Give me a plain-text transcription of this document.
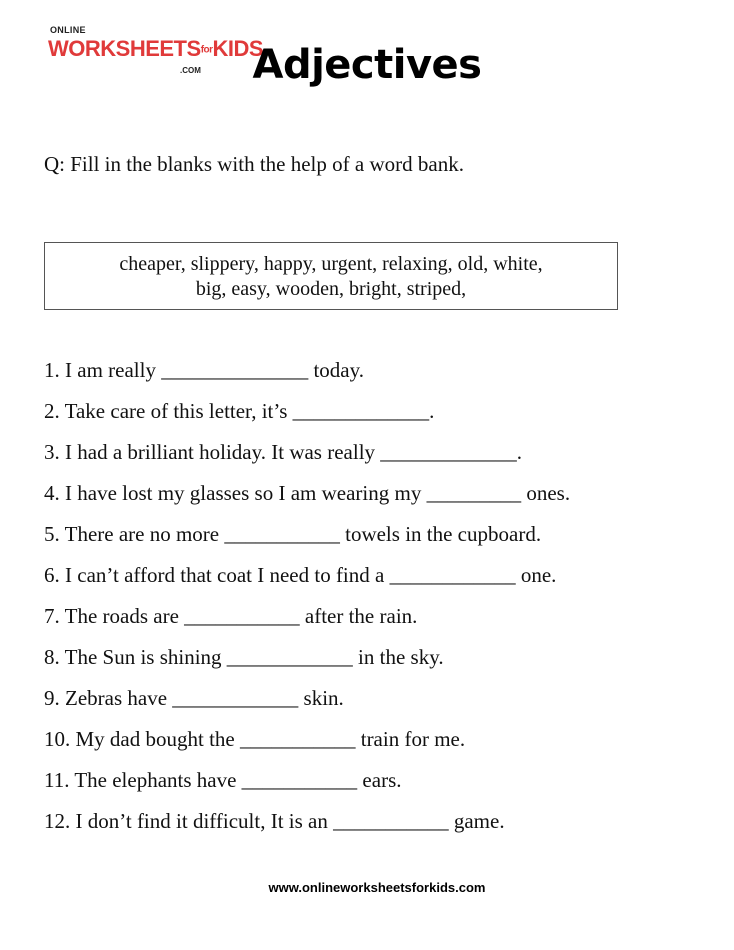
ONLINE
WORKSHEETSforKIDS
.COM	Adjectives
Q: Fill in the blanks with the help of a word bank.
cheaper, slippery, happy, urgent, relaxing, old, white,
big, easy, wooden, bright, striped,
1. I am really ______________ today.
2. Take care of this letter, it’s _____________.
3. I had a brilliant holiday. It was really _____________.
4. I have lost my glasses so I am wearing my _________ ones.
5. There are no more ___________ towels in the cupboard.
6. I can’t afford that coat I need to find a ____________ one.
7. The roads are ___________ after the rain.
8. The Sun is shining ____________ in the sky.
9. Zebras have ____________ skin.
10. My dad bought the ___________ train for me.
11. The elephants have ___________ ears.
12. I don’t find it difficult, It is an ___________ game.
www.onlineworksheetsforkids.com
